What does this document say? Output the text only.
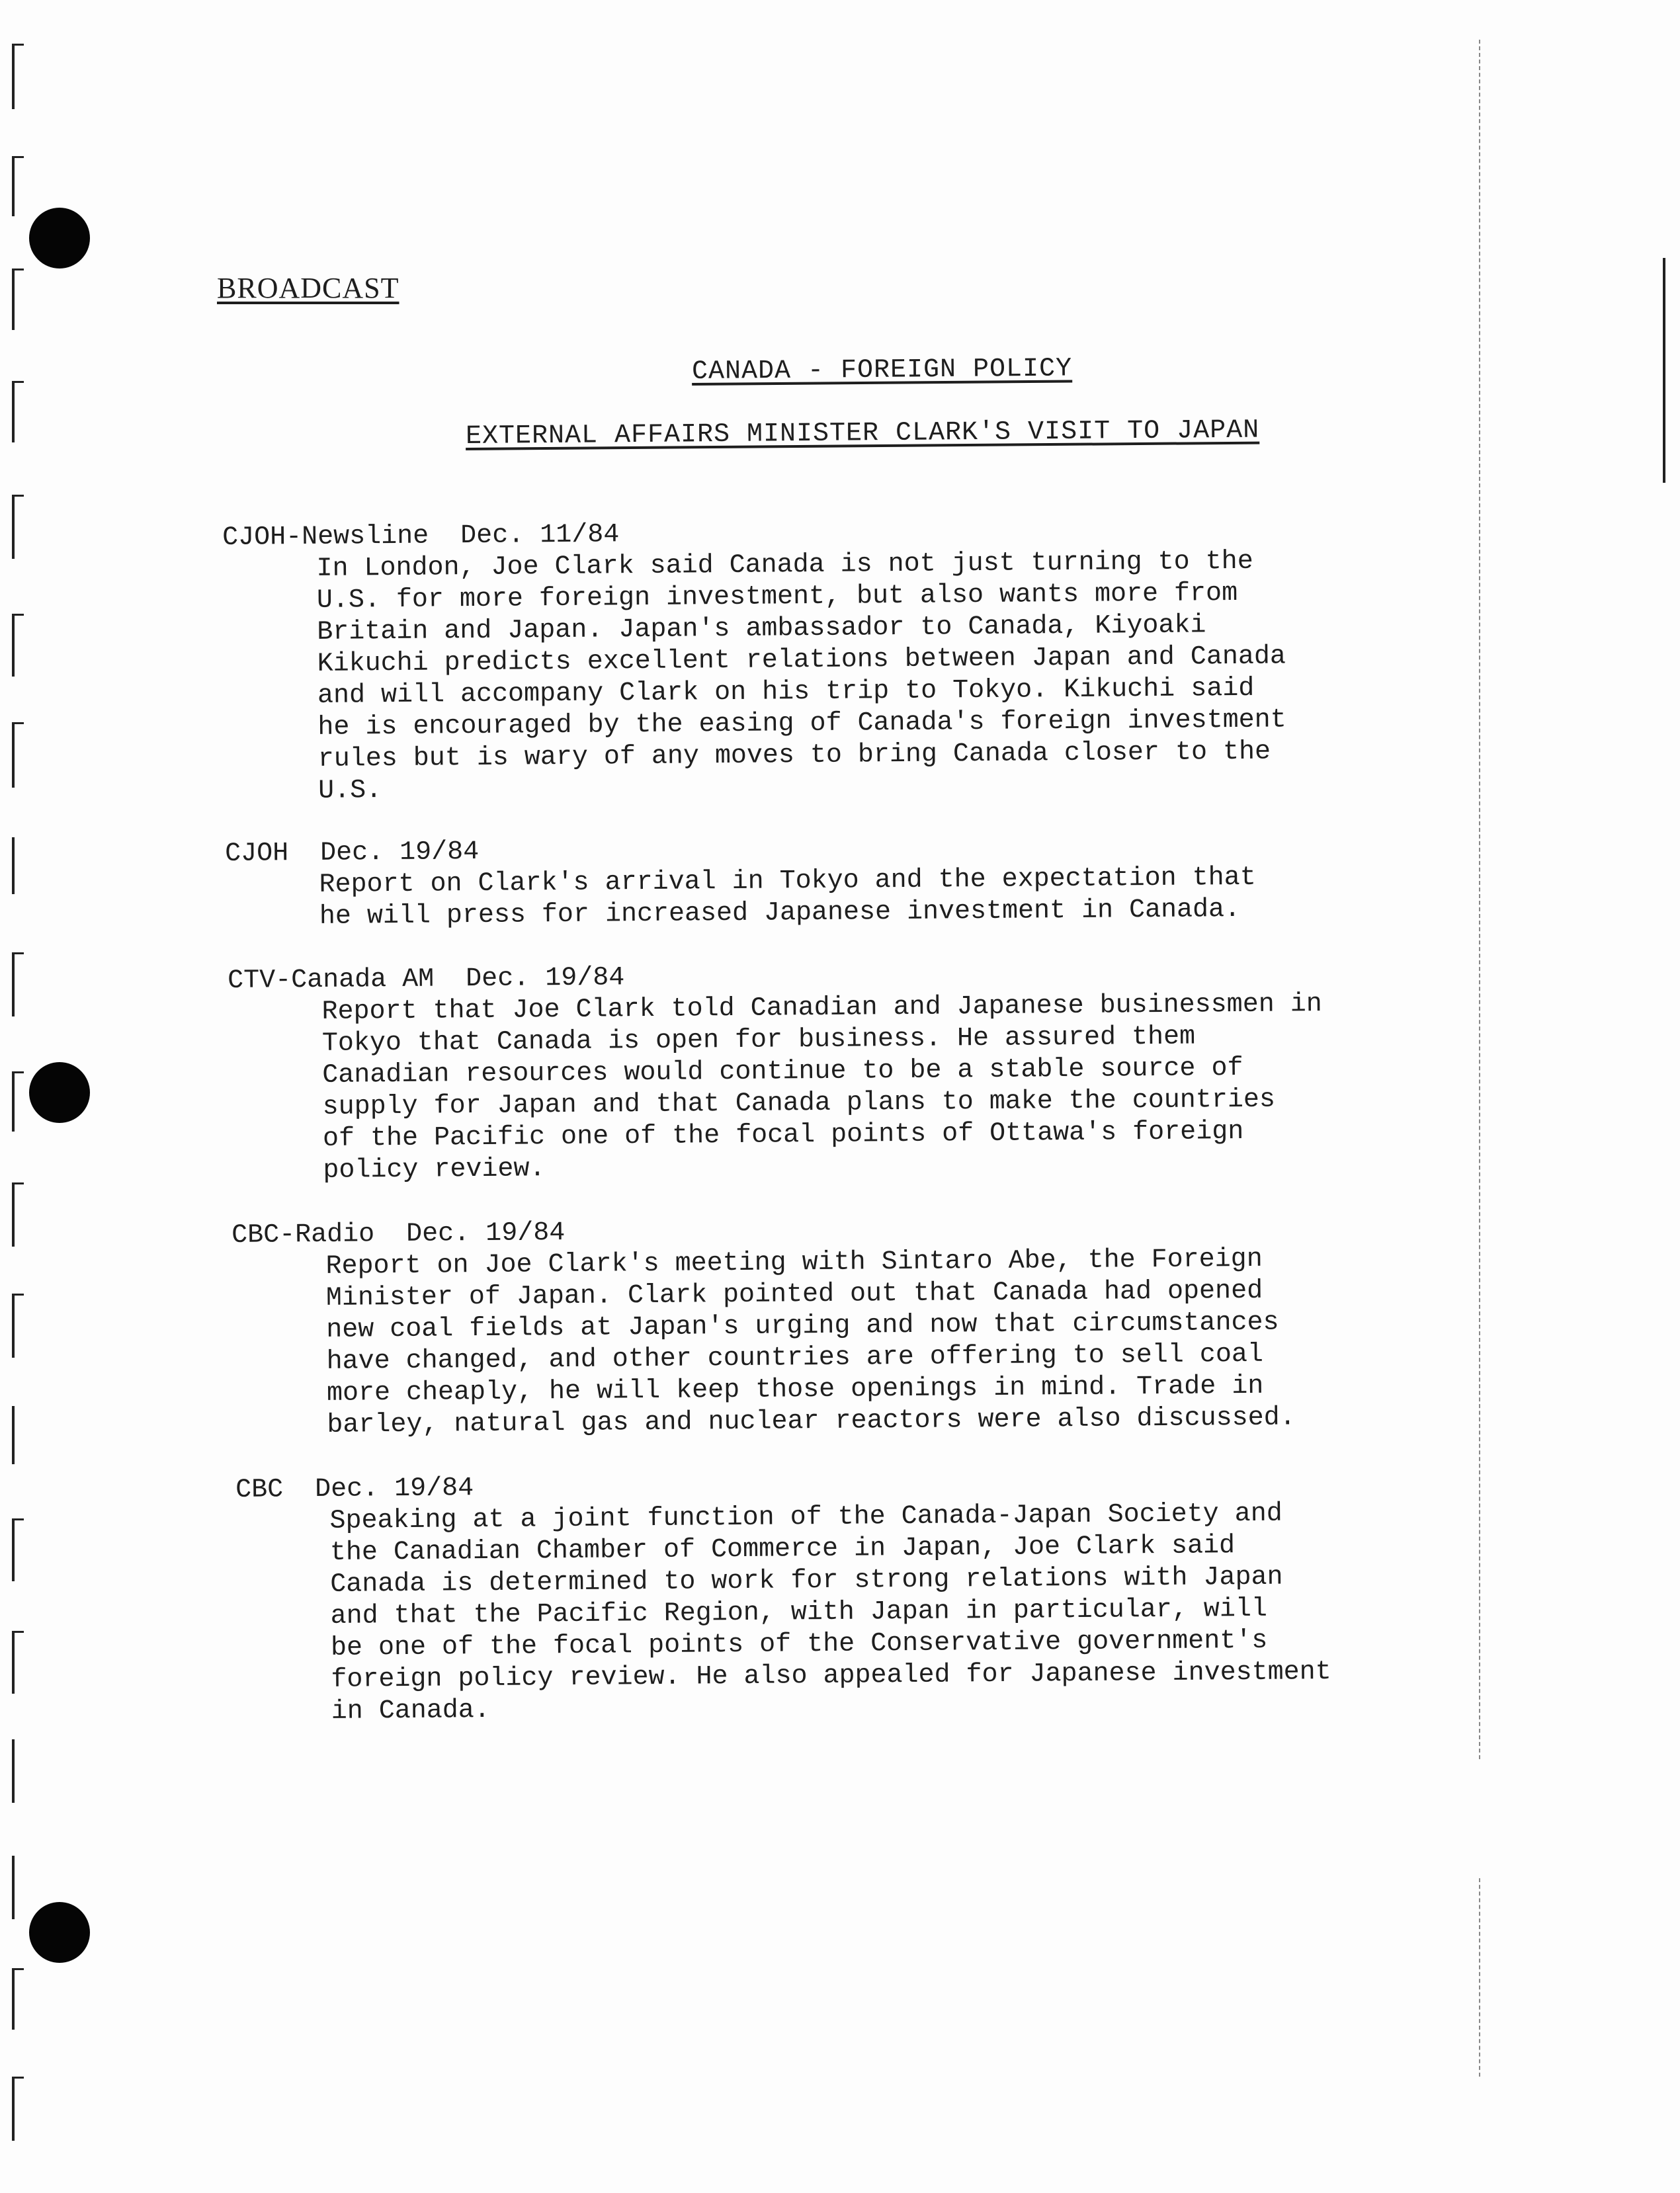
BROADCAST

CANADA - FOREIGN POLICY

EXTERNAL AFFAIRS MINISTER CLARK'S VISIT TO JAPAN

CJOH-Newsline  Dec. 11/84

In London, Joe Clark said Canada is not just turning to the
U.S. for more foreign investment, but also wants more from
Britain and Japan. Japan's ambassador to Canada, Kiyoaki
Kikuchi predicts excellent relations between Japan and Canada
and will accompany Clark on his trip to Tokyo. Kikuchi said
he is encouraged by the easing of Canada's foreign investment
rules but is wary of any moves to bring Canada closer to the
U.S.

CJOH  Dec. 19/84

Report on Clark's arrival in Tokyo and the expectation that
he will press for increased Japanese investment in Canada.

CTV-Canada AM  Dec. 19/84

Report that Joe Clark told Canadian and Japanese businessmen in
Tokyo that Canada is open for business. He assured them
Canadian resources would continue to be a stable source of
supply for Japan and that Canada plans to make the countries
of the Pacific one of the focal points of Ottawa's foreign
policy review.

CBC-Radio  Dec. 19/84

Report on Joe Clark's meeting with Sintaro Abe, the Foreign
Minister of Japan. Clark pointed out that Canada had opened
new coal fields at Japan's urging and now that circumstances
have changed, and other countries are offering to sell coal
more cheaply, he will keep those openings in mind. Trade in
barley, natural gas and nuclear reactors were also discussed.

CBC  Dec. 19/84

Speaking at a joint function of the Canada-Japan Society and
the Canadian Chamber of Commerce in Japan, Joe Clark said
Canada is determined to work for strong relations with Japan
and that the Pacific Region, with Japan in particular, will
be one of the focal points of the Conservative government's
foreign policy review. He also appealed for Japanese investment
in Canada.
